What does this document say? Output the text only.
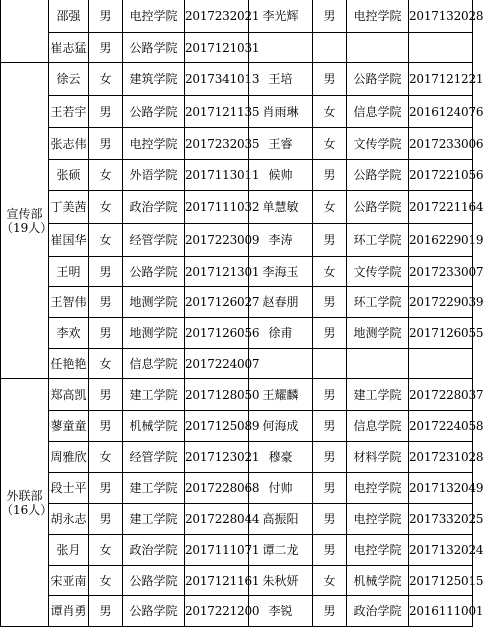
	邵强	男	电控学院	2017232021	李光辉	男	电控学院	2017132028
	崔志猛	男	公路学院	2017121031				

宣传部
（19人）	徐云	女	建筑学院	2017341013	王培	男	公路学院	2017121221
	王若宇	男	公路学院	2017121135	肖雨琳	女	信息学院	2016124076
	张志伟	男	电控学院	2017232035	王睿	女	文传学院	2017233006
	张硕	女	外语学院	2017113011	候帅	男	公路学院	2017221056
	丁美茜	女	政治学院	2017111032	单慧敏	女	公路学院	2017221164
	崔国华	女	经管学院	2017223009	李涛	男	环工学院	2016229019
	王明	男	公路学院	2017121301	李海玉	女	文传学院	2017233007
	王智伟	男	地测学院	2017126027	赵春朋	男	环工学院	2017229039
	李欢	男	地测学院	2017126056	徐甫	男	地测学院	2017126055
	任艳艳	女	信息学院	2017224007				

外联部
（16人）	郑高凯	男	建工学院	2017128050	王耀麟	男	建工学院	2017228037
	蓼童童	男	机械学院	2017125089	何海成	男	信息学院	2017224058
	周雅欣	女	经管学院	2017123021	穆豪	男	材料学院	2017231028
	段士平	男	建工学院	2017228068	付帅	男	电控学院	2017132049
	胡永志	男	建工学院	2017228044	高振阳	男	电控学院	2017332025
	张月	女	政治学院	2017111071	谭二龙	男	电控学院	2017132024
	宋亚南	女	公路学院	2017121161	朱秋妍	女	机械学院	2017125015
	谭肖勇	男	公路学院	2017221200	李锐	男	政治学院	2016111001
